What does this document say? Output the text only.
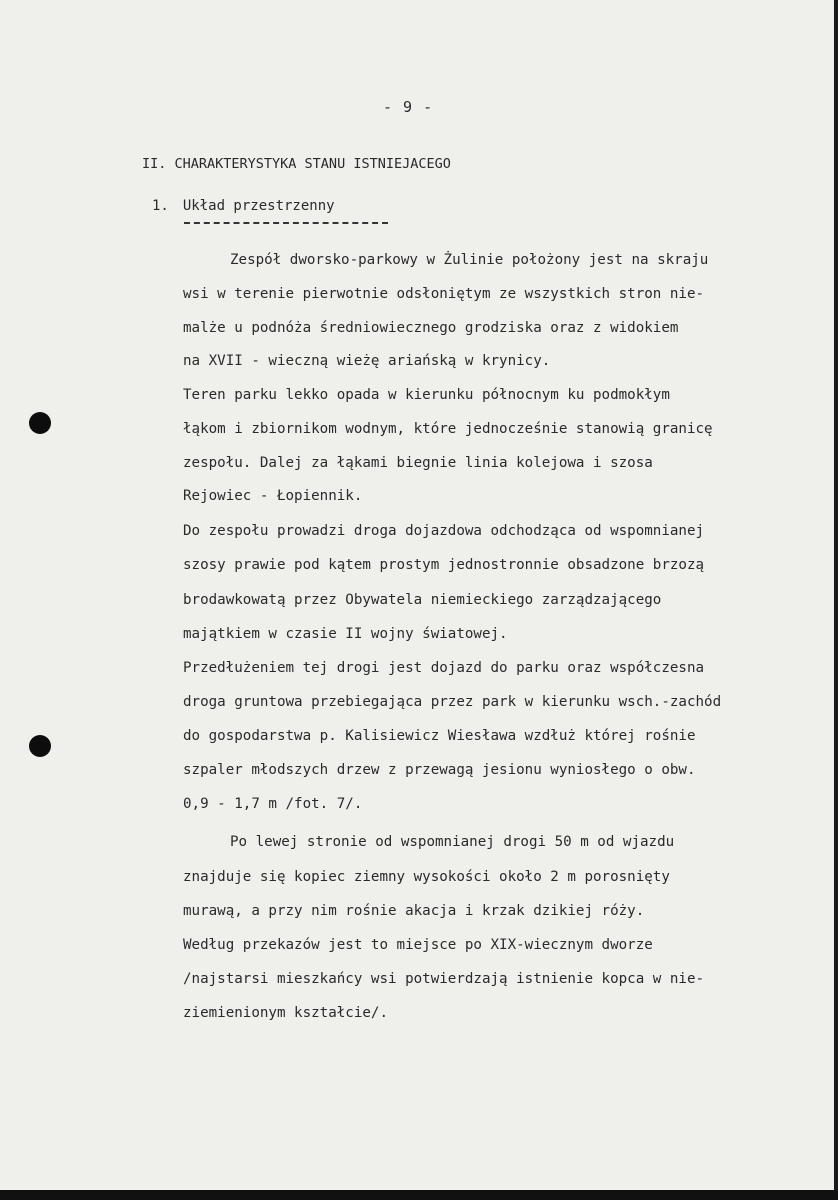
- 9 -
II. CHARAKTERYSTYKA STANU ISTNIEJACEGO
1. Układ przestrzenny
Zespół dworsko-parkowy w Żulinie położony jest na skraju
wsi w terenie pierwotnie odsłoniętym ze wszystkich stron nie-
malże u podnóża średniowiecznego grodziska oraz z widokiem
na XVII - wieczną wieżę ariańską w krynicy.
Teren parku lekko opada w kierunku północnym ku podmokłym
łąkom i zbiornikom wodnym, które jednocześnie stanowią granicę
zespołu. Dalej za łąkami biegnie linia kolejowa i szosa
Rejowiec - Łopiennik.
Do zespołu prowadzi droga dojazdowa odchodząca od wspomnianej
szosy prawie pod kątem prostym jednostronnie obsadzone brzozą
brodawkowatą przez Obywatela niemieckiego zarządzającego
majątkiem w czasie II wojny światowej.
Przedłużeniem tej drogi jest dojazd do parku oraz współczesna
droga gruntowa przebiegająca przez park w kierunku wsch.-zachód
do gospodarstwa p. Kalisiewicz Wiesława wzdłuż której rośnie
szpaler młodszych drzew z przewagą jesionu wyniosłego o obw.
0,9 - 1,7 m /fot. 7/.
Po lewej stronie od wspomnianej drogi 50 m od wjazdu
znajduje się kopiec ziemny wysokości około 2 m porosnięty
murawą, a przy nim rośnie akacja i krzak dzikiej róży.
Według przekazów jest to miejsce po XIX-wiecznym dworze
/najstarsi mieszkańcy wsi potwierdzają istnienie kopca w nie-
ziemienionym kształcie/.
